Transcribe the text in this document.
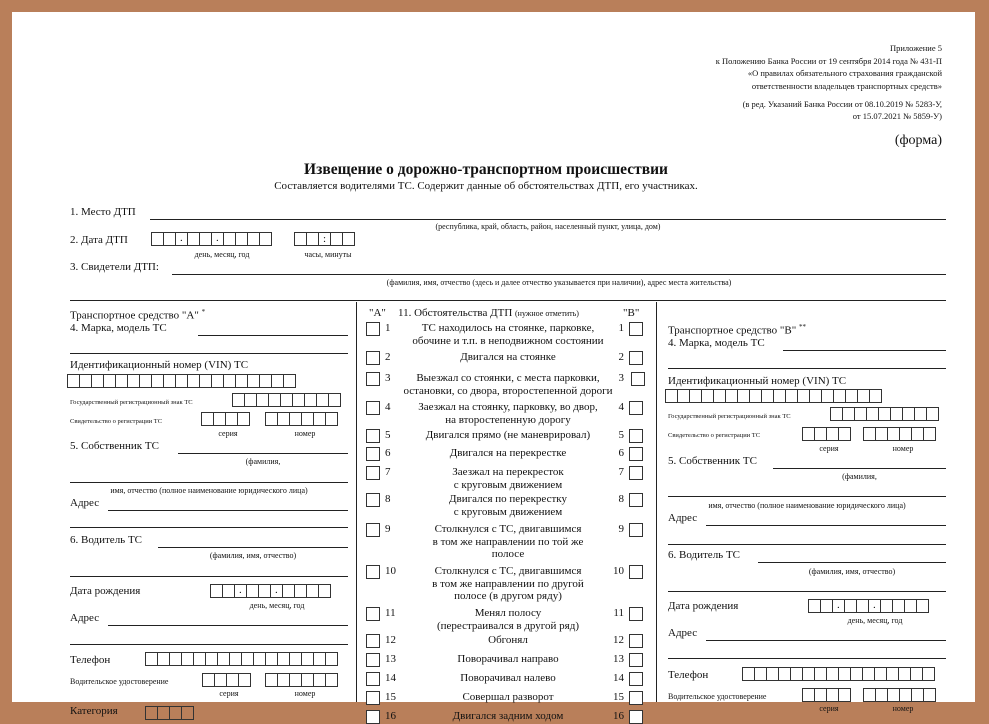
Приложение 5
к Положению Банка России от 19 сентября 2014 года № 431-П
«О правилах обязательного страхования гражданской
ответственности владельцев транспортных средств»
(в ред. Указаний Банка России от 08.10.2019 № 5283-У,
от 15.07.2021 № 5859-У)
(форма)
Извещение о дорожно-транспортном происшествии
Составляется водителями ТС. Содержит данные об обстоятельствах ДТП, его участниках.
1. Место ДТП
(республика, край, область, район, населенный пункт, улица, дом)
2. Дата ДТП
.
.
:
день, месяц, год	часы, минуты
3. Свидетели ДТП:
(фамилия, имя, отчество (здесь и далее отчество указывается при наличии), адрес места жительства)
Транспортное средство "А" *
4. Марка, модель ТС
Идентификационный номер (VIN) ТС
Государственный регистрационный знак ТС
Свидетельство о регистрации ТС
серия	номер
5. Собственник ТС
(фамилия,
имя, отчество (полное наименование юридического лица)
Адрес
6. Водитель ТС
(фамилия, имя, отчество)
Дата рождения
.
.
день, месяц, год
Адрес
Телефон
Водительское удостоверение
серия	номер
Категория
"А"	"В"
11. Обстоятельства ДТП (нужное отметить)
1	1
ТС находилось на стоянке, парковке,
обочине и т.п. в неподвижном состоянии
2	2
Двигался на стоянке
3	3
Выезжал со стоянки, с места парковки,
остановки, со двора, второстепенной дороги
4	4
Заезжал на стоянку, парковку, во двор,
на второстепенную дорогу
5	5
Двигался прямо (не маневрировал)
6	6
Двигался на перекрестке
7	7
Заезжал на перекресток
с круговым движением
8	8
Двигался по перекрестку
с круговым движением
9	9
Столкнулся с ТС, двигавшимся
в том же направлении по той же
полосе
10	10
Столкнулся с ТС, двигавшимся
в том же направлении по другой
полосе (в другом ряду)
11	11
Менял полосу
(перестраивался в другой ряд)
12	12
Обгонял
13	13
Поворачивал направо
14	14
Поворачивал налево
15	15
Совершал разворот
16	16
Двигался задним ходом
Транспортное средство "В" **
4. Марка, модель ТС
Идентификационный номер (VIN) ТС
Государственный регистрационный знак ТС
Свидетельство о регистрации ТС
серия	номер
5. Собственник ТС
(фамилия,
имя, отчество (полное наименование юридического лица)
Адрес
6. Водитель ТС
(фамилия, имя, отчество)
Дата рождения
.
.
день, месяц, год
Адрес
Телефон
Водительское удостоверение
серия	номер
